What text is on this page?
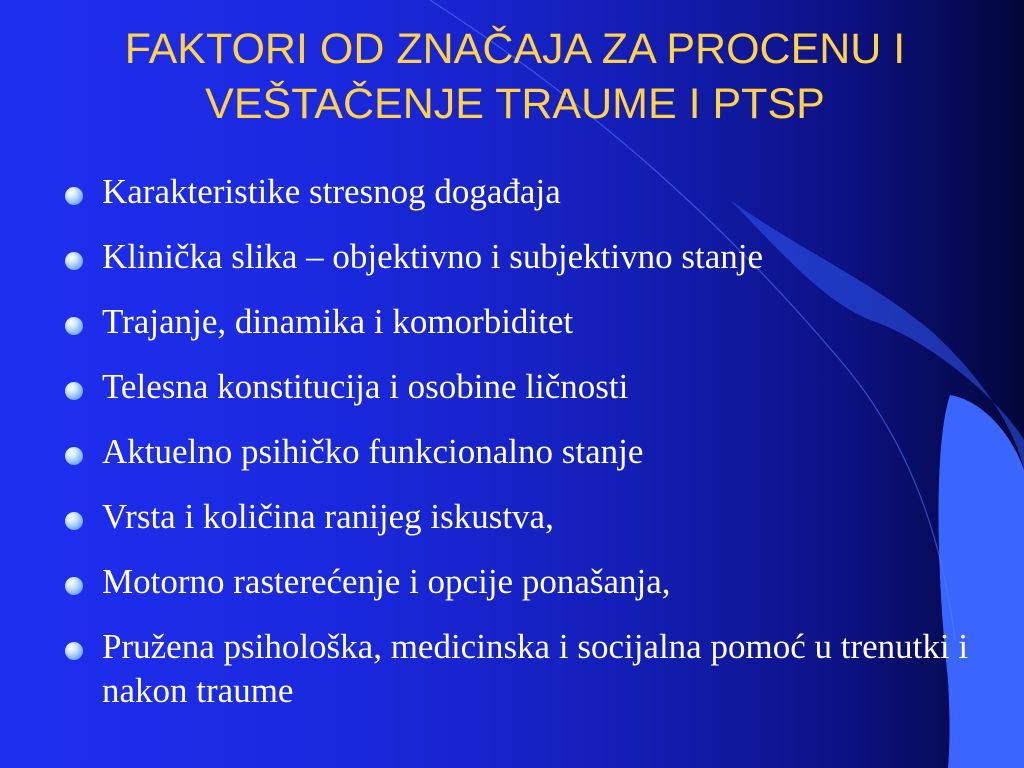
FAKTORI OD ZNAČAJA ZA PROCENU I VEŠTAČENJE TRAUME I PTSP
Karakteristike stresnog događaja
Klinička slika – objektivno i subjektivno stanje
Trajanje, dinamika i komorbiditet
Telesna konstitucija i osobine ličnosti
Aktuelno psihičko funkcionalno stanje
Vrsta i količina ranijeg iskustva,
Motorno rasterećenje i opcije ponašanja,
Pružena psihološka, medicinska i socijalna pomoć u trenutki i nakon traume
